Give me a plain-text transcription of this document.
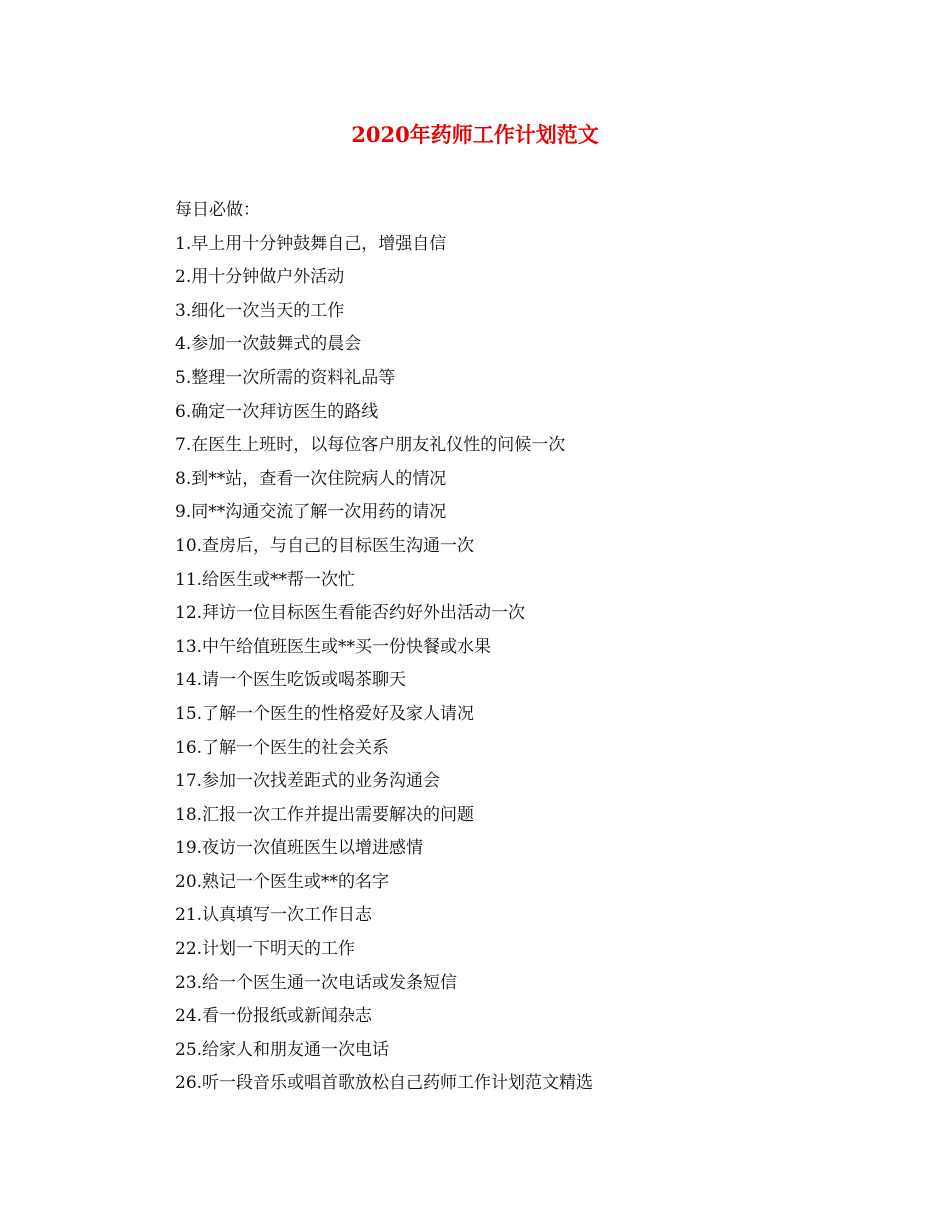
2020年药师工作计划范文

每日必做：

1.早上用十分钟鼓舞自己，增强自信
2.用十分钟做户外活动
3.细化一次当天的工作
4.参加一次鼓舞式的晨会
5.整理一次所需的资料礼品等
6.确定一次拜访医生的路线
7.在医生上班时，以每位客户朋友礼仪性的问候一次
8.到**站，查看一次住院病人的情况
9.同**沟通交流了解一次用药的请况
10.查房后，与自己的目标医生沟通一次
11.给医生或**帮一次忙
12.拜访一位目标医生看能否约好外出活动一次
13.中午给值班医生或**买一份快餐或水果
14.请一个医生吃饭或喝茶聊天
15.了解一个医生的性格爱好及家人请况
16.了解一个医生的社会关系
17.参加一次找差距式的业务沟通会
18.汇报一次工作并提出需要解决的问题
19.夜访一次值班医生以增进感情
20.熟记一个医生或**的名字
21.认真填写一次工作日志
22.计划一下明天的工作
23.给一个医生通一次电话或发条短信
24.看一份报纸或新闻杂志
25.给家人和朋友通一次电话
26.听一段音乐或唱首歌放松自己药师工作计划范文精选
